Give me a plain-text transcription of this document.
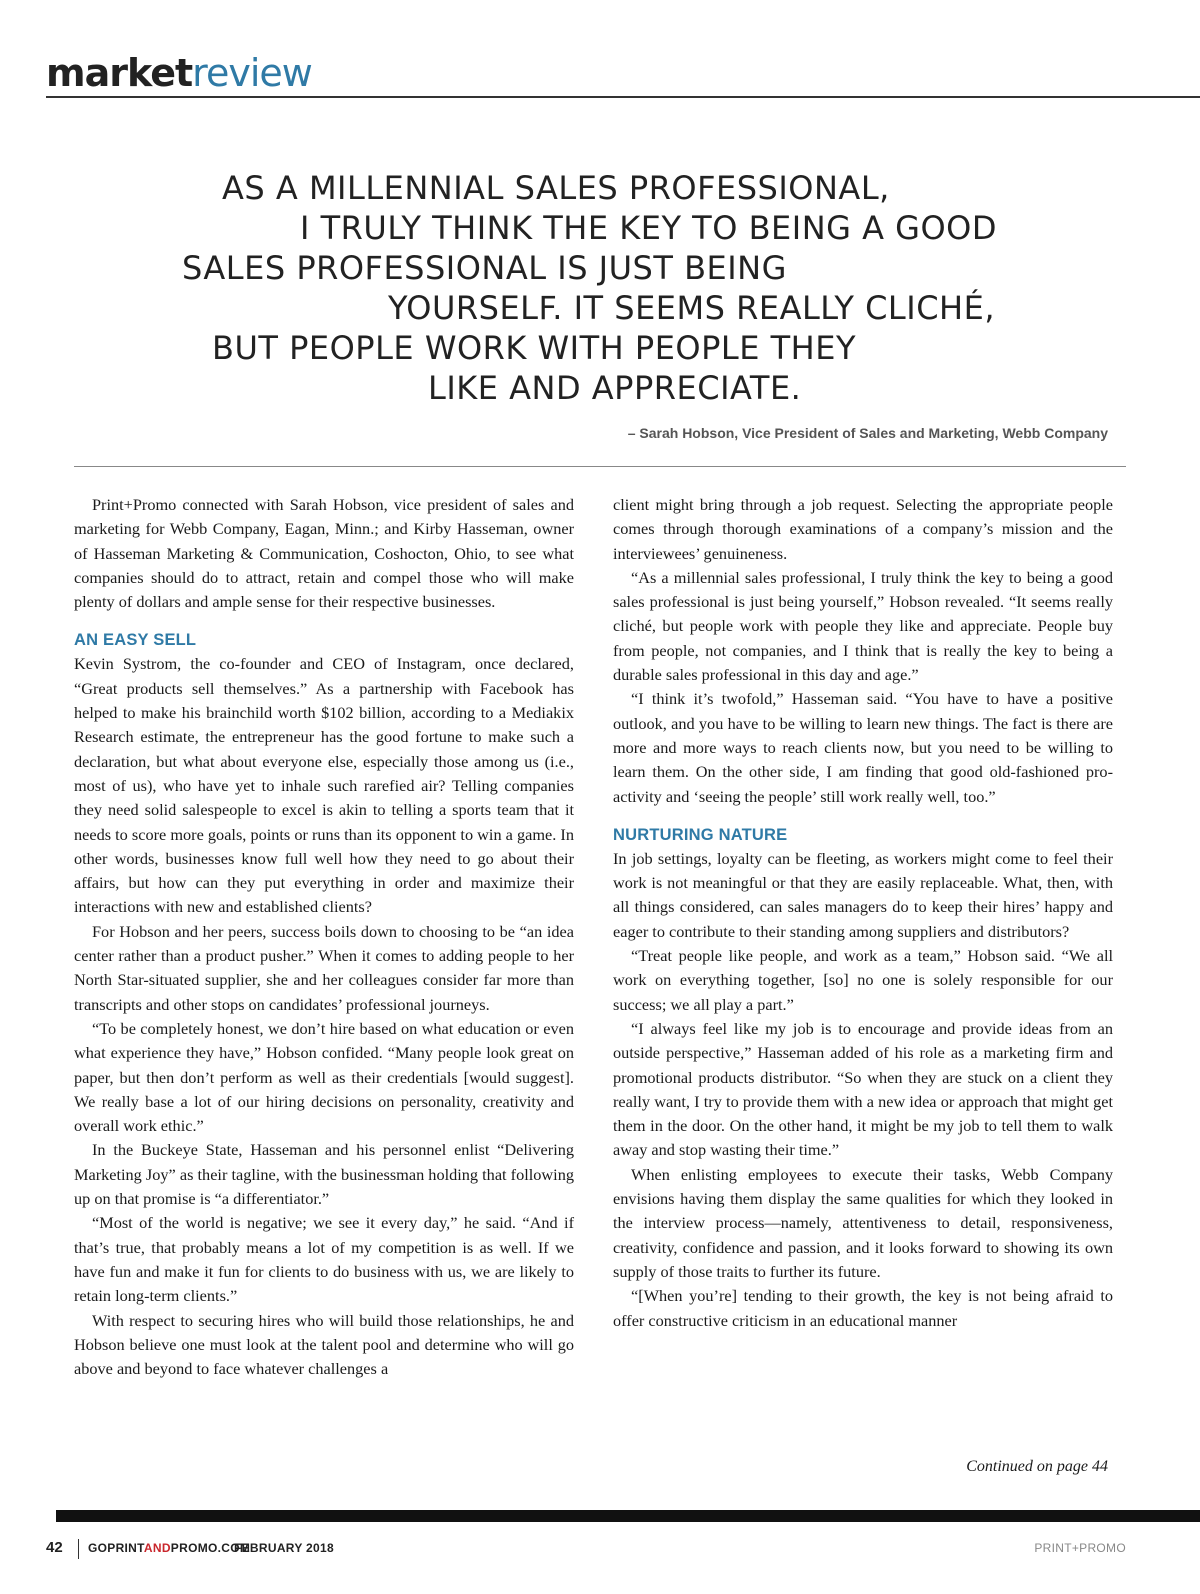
marketreview
AS A MILLENNIAL SALES PROFESSIONAL,
I TRULY THINK THE KEY TO BEING A GOOD
SALES PROFESSIONAL IS JUST BEING
YOURSELF. IT SEEMS REALLY CLICHÉ,
BUT PEOPLE WORK WITH PEOPLE THEY
LIKE AND APPRECIATE.
– Sarah Hobson, Vice President of Sales and Marketing, Webb Company

Print+Promo connected with Sarah Hobson, vice president of sales and marketing for Webb Company, Eagan, Minn.; and Kirby Hasseman, owner of Hasseman Marketing & Communication, Coshocton, Ohio, to see what companies should do to attract, retain and compel those who will make plenty of dollars and ample sense for their respective businesses.

AN EASY SELL

Kevin Systrom, the co-founder and CEO of Instagram, once declared, “Great products sell themselves.” As a partnership with Facebook has helped to make his brainchild worth $102 billion, according to a Mediakix Research estimate, the entrepreneur has the good fortune to make such a declaration, but what about everyone else, especially those among us (i.e., most of us), who have yet to inhale such rarefied air? Telling companies they need solid salespeople to excel is akin to telling a sports team that it needs to score more goals, points or runs than its opponent to win a game. In other words, businesses know full well how they need to go about their affairs, but how can they put everything in order and maximize their interactions with new and established clients?

For Hobson and her peers, success boils down to choosing to be “an idea center rather than a product pusher.” When it comes to adding people to her North Star-situated supplier, she and her colleagues consider far more than transcripts and other stops on candidates’ professional journeys.

“To be completely honest, we don’t hire based on what education or even what experience they have,” Hobson confided. “Many people look great on paper, but then don’t perform as well as their credentials [would suggest]. We really base a lot of our hiring decisions on personality, creativity and overall work ethic.”

In the Buckeye State, Hasseman and his personnel enlist “Delivering Marketing Joy” as their tagline, with the businessman holding that following up on that promise is “a differentiator.”

“Most of the world is negative; we see it every day,” he said. “And if that’s true, that probably means a lot of my competition is as well. If we have fun and make it fun for clients to do business with us, we are likely to retain long-term clients.”

With respect to securing hires who will build those relationships, he and Hobson believe one must look at the talent pool and determine who will go above and beyond to face whatever challenges a

client might bring through a job request. Selecting the appropriate people comes through thorough examinations of a company’s mission and the interviewees’ genuineness.

“As a millennial sales professional, I truly think the key to being a good sales professional is just being yourself,” Hobson revealed. “It seems really cliché, but people work with people they like and appreciate. People buy from people, not companies, and I think that is really the key to being a durable sales professional in this day and age.”

“I think it’s twofold,” Hasseman said. “You have to have a positive outlook, and you have to be willing to learn new things. The fact is there are more and more ways to reach clients now, but you need to be willing to learn them. On the other side, I am finding that good old-fashioned pro-activity and ‘seeing the people’ still work really well, too.”

NURTURING NATURE

In job settings, loyalty can be fleeting, as workers might come to feel their work is not meaningful or that they are easily replaceable. What, then, with all things considered, can sales managers do to keep their hires’ happy and eager to contribute to their standing among suppliers and distributors?

“Treat people like people, and work as a team,” Hobson said. “We all work on everything together, [so] no one is solely responsible for our success; we all play a part.”

“I always feel like my job is to encourage and provide ideas from an outside perspective,” Hasseman added of his role as a marketing firm and promotional products distributor. “So when they are stuck on a client they really want, I try to provide them with a new idea or approach that might get them in the door. On the other hand, it might be my job to tell them to walk away and stop wasting their time.”

When enlisting employees to execute their tasks, Webb Company envisions having them display the same qualities for which they looked in the interview process—namely, attentiveness to detail, responsiveness, creativity, confidence and passion, and it looks forward to showing its own supply of those traits to further its future.

“[When you’re] tending to their growth, the key is not being afraid to offer constructive criticism in an educational manner

Continued on page 44
42 GOPRINTANDPROMO.COM
FEBRUARY 2018	PRINT+PROMO
